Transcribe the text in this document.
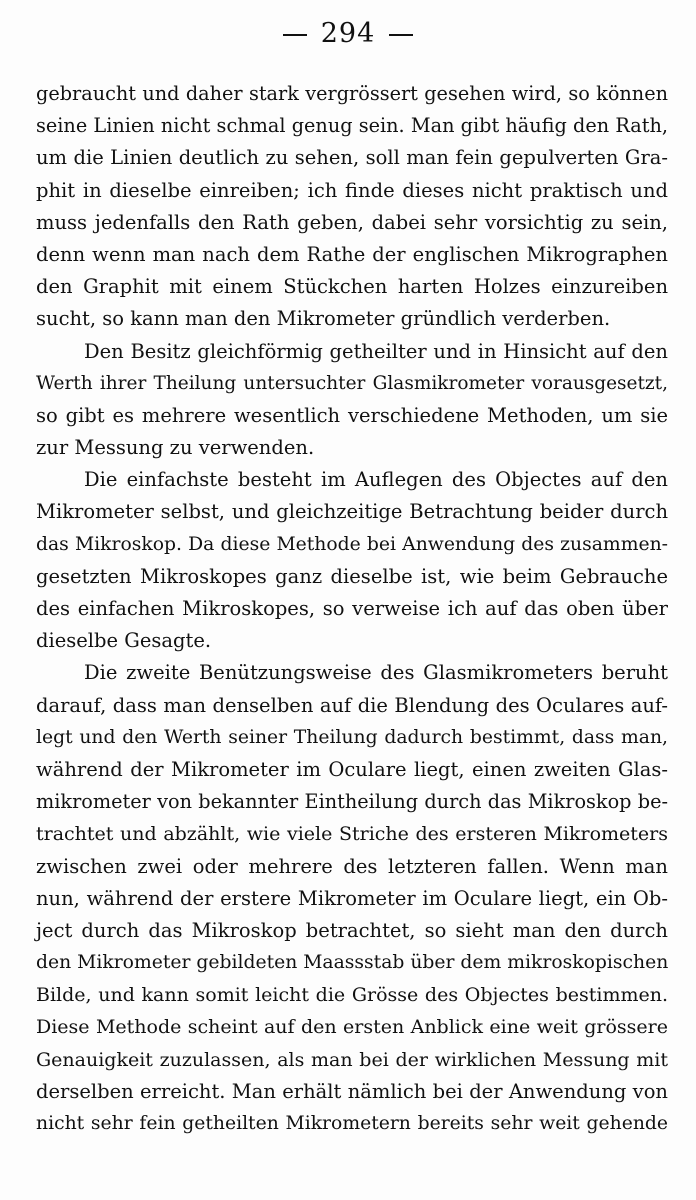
294
gebraucht und daher stark vergrössert gesehen wird, so können
seine Linien nicht schmal genug sein. Man gibt häufig den Rath,
um die Linien deutlich zu sehen, soll man fein gepulverten Gra-
phit in dieselbe einreiben; ich finde dieses nicht praktisch und
muss jedenfalls den Rath geben, dabei sehr vorsichtig zu sein,
denn wenn man nach dem Rathe der englischen Mikrographen
den Graphit mit einem Stückchen harten Holzes einzureiben
sucht, so kann man den Mikrometer gründlich verderben.
Den Besitz gleichförmig getheilter und in Hinsicht auf den
Werth ihrer Theilung untersuchter Glasmikrometer vorausgesetzt,
so gibt es mehrere wesentlich verschiedene Methoden, um sie
zur Messung zu verwenden.
Die einfachste besteht im Auflegen des Objectes auf den
Mikrometer selbst, und gleichzeitige Betrachtung beider durch
das Mikroskop. Da diese Methode bei Anwendung des zusammen-
gesetzten Mikroskopes ganz dieselbe ist, wie beim Gebrauche
des einfachen Mikroskopes, so verweise ich auf das oben über
dieselbe Gesagte.
Die zweite Benützungsweise des Glasmikrometers beruht
darauf, dass man denselben auf die Blendung des Oculares auf-
legt und den Werth seiner Theilung dadurch bestimmt, dass man,
während der Mikrometer im Oculare liegt, einen zweiten Glas-
mikrometer von bekannter Eintheilung durch das Mikroskop be-
trachtet und abzählt, wie viele Striche des ersteren Mikrometers
zwischen zwei oder mehrere des letzteren fallen. Wenn man
nun, während der erstere Mikrometer im Oculare liegt, ein Ob-
ject durch das Mikroskop betrachtet, so sieht man den durch
den Mikrometer gebildeten Maassstab über dem mikroskopischen
Bilde, und kann somit leicht die Grösse des Objectes bestimmen.
Diese Methode scheint auf den ersten Anblick eine weit grössere
Genauigkeit zuzulassen, als man bei der wirklichen Messung mit
derselben erreicht. Man erhält nämlich bei der Anwendung von
nicht sehr fein getheilten Mikrometern bereits sehr weit gehende
